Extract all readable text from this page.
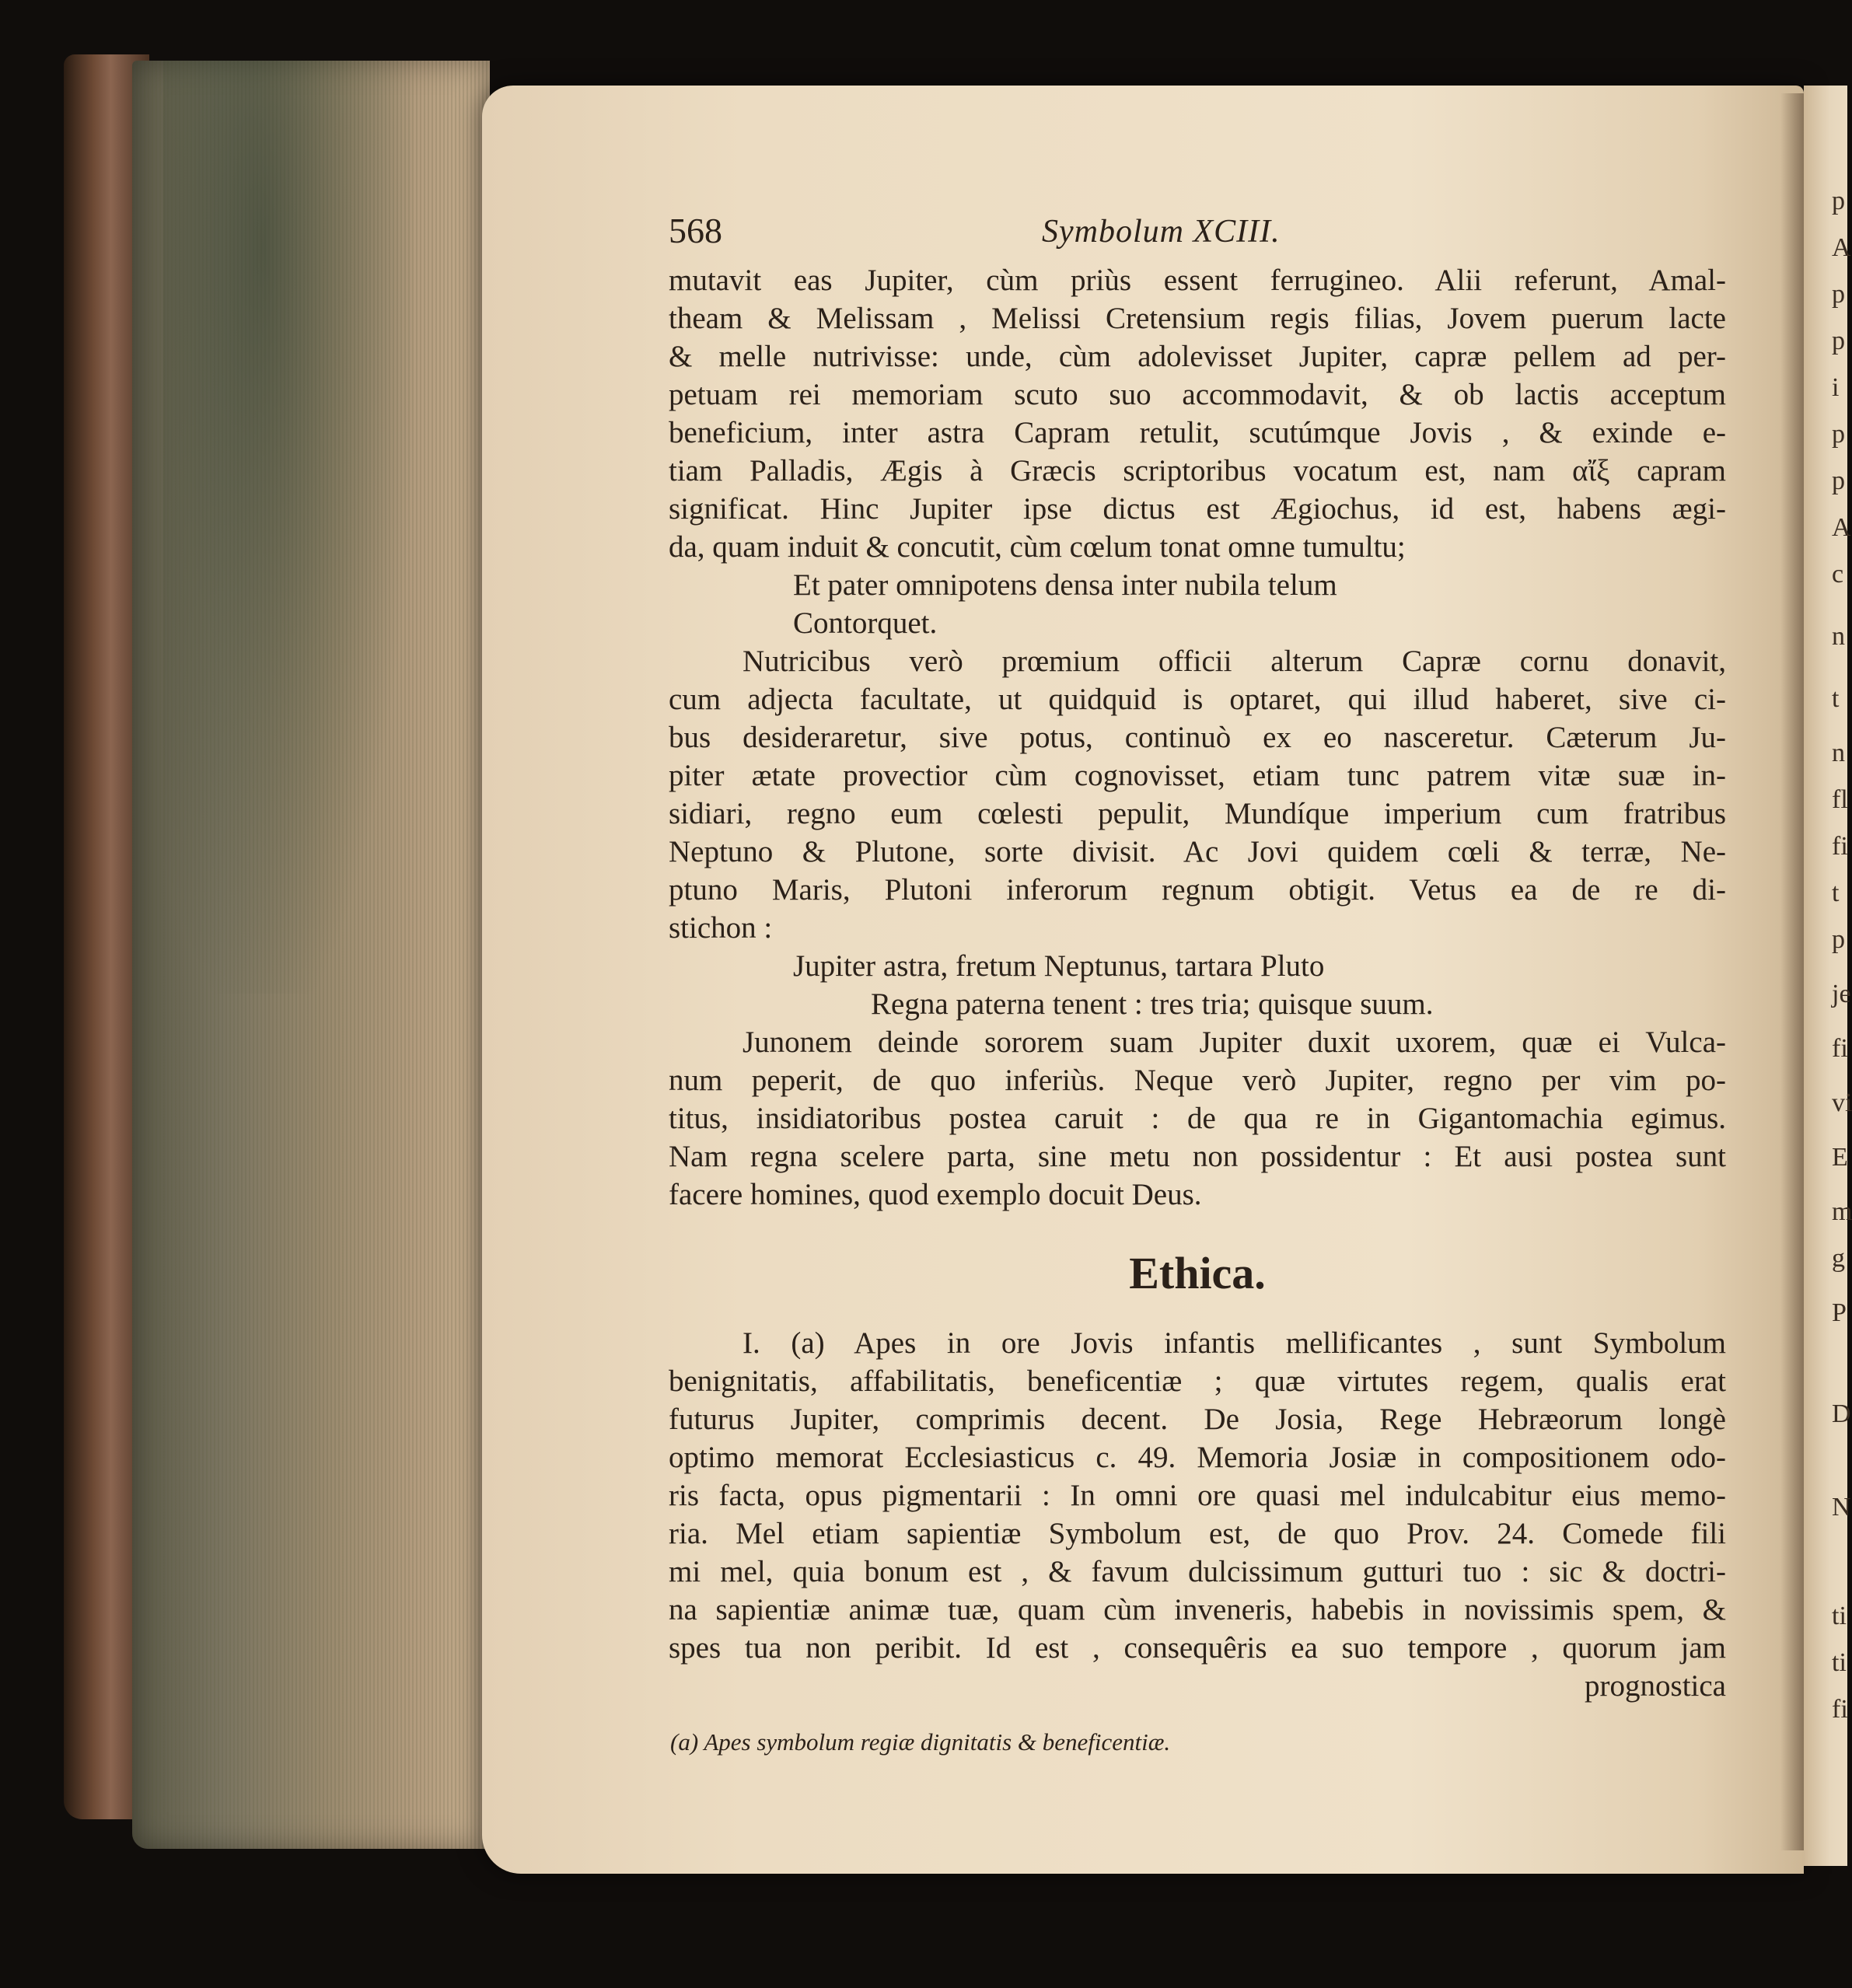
p
A
p
p
i
p
p
A
c
n
t
n
fl
fi
t
p
je
fi
vi
E
m
g
P
D
N
ti
ti
fi
568	Symbolum XCIII.
mutavit eas Jupiter, cùm priùs essent ferrugineo. Alii referunt, Amal-
theam & Melissam , Melissi Cretensium regis filias, Jovem puerum lacte
& melle nutrivisse: unde, cùm adolevisset Jupiter, capræ pellem ad per-
petuam rei memoriam scuto suo accommodavit, & ob lactis acceptum
beneficium, inter astra Capram retulit, scutúmque Jovis , & exinde e-
tiam Palladis, Ægis à Græcis scriptoribus vocatum est, nam αἴξ capram
significat. Hinc Jupiter ipse dictus est Ægiochus, id est, habens ægi-
da, quam induit & concutit, cùm cœlum tonat omne tumultu;
Et pater omnipotens densa inter nubila telum
Contorquet.
Nutricibus verò prœmium officii alterum Capræ cornu donavit,
cum adjecta facultate, ut quidquid is optaret, qui illud haberet, sive ci-
bus desideraretur, sive potus, continuò ex eo nasceretur. Cæterum Ju-
piter ætate provectior cùm cognovisset, etiam tunc patrem vitæ suæ in-
sidiari, regno eum cœlesti pepulit, Mundíque imperium cum fratribus
Neptuno & Plutone, sorte divisit. Ac Jovi quidem cœli & terræ, Ne-
ptuno Maris, Plutoni inferorum regnum obtigit. Vetus ea de re di-
stichon :
Jupiter astra, fretum Neptunus, tartara Pluto
Regna paterna tenent : tres tria; quisque suum.
Junonem deinde sororem suam Jupiter duxit uxorem, quæ ei Vulca-
num peperit, de quo inferiùs. Neque verò Jupiter, regno per vim po-
titus, insidiatoribus postea caruit : de qua re in Gigantomachia egimus.
Nam regna scelere parta, sine metu non possidentur : Et ausi postea sunt
facere homines, quod exemplo docuit Deus.
Ethica.
I. (a) Apes in ore Jovis infantis mellificantes , sunt Symbolum
benignitatis, affabilitatis, beneficentiæ ; quæ virtutes regem, qualis erat
futurus Jupiter, comprimis decent. De Josia, Rege Hebræorum longè
optimo memorat Ecclesiasticus c. 49. Memoria Josiæ in compositionem odo-
ris facta, opus pigmentarii : In omni ore quasi mel indulcabitur eius memo-
ria. Mel etiam sapientiæ Symbolum est, de quo Prov. 24. Comede fili
mi mel, quia bonum est , & favum dulcissimum gutturi tuo : sic & doctri-
na sapientiæ animæ tuæ, quam cùm inveneris, habebis in novissimis spem, &
spes tua non peribit. Id est , consequêris ea suo tempore , quorum jam
prognostica
(a) Apes symbolum regiæ dignitatis & beneficentiæ.
